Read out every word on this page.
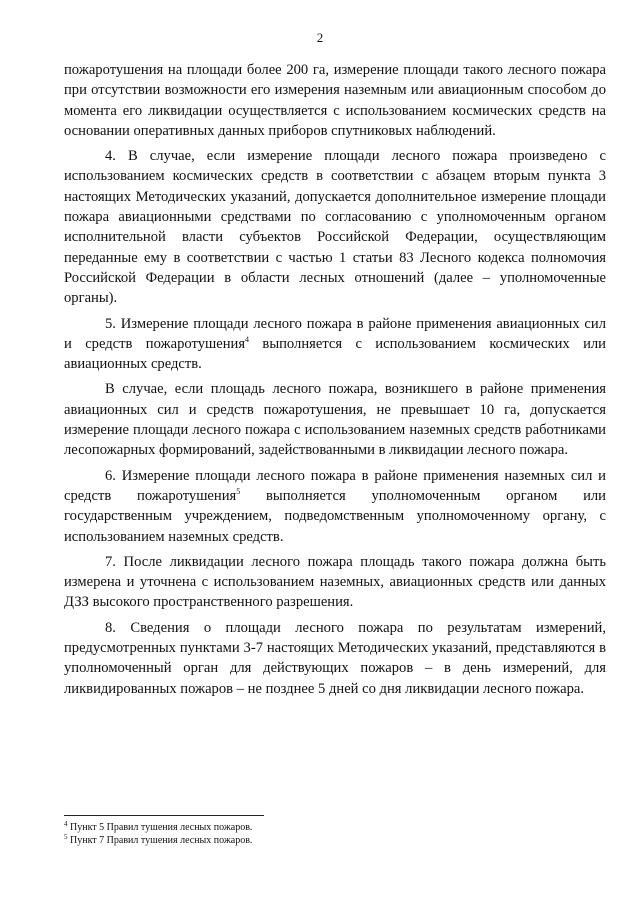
2

пожаротушения на площади более 200 га, измерение площади такого лесного пожара при отсутствии возможности его измерения наземным или авиационным способом до момента его ликвидации осуществляется с использованием космических средств на основании оперативных данных приборов спутниковых наблюдений.

4. В случае, если измерение площади лесного пожара произведено с использованием космических средств в соответствии с абзацем вторым пункта 3 настоящих Методических указаний, допускается дополнительное измерение площади пожара авиационными средствами по согласованию с уполномоченным органом исполнительной власти субъектов Российской Федерации, осуществляющим переданные ему в соответствии с частью 1 статьи 83 Лесного кодекса полномочия Российской Федерации в области лесных отношений (далее – уполномоченные органы).

5. Измерение площади лесного пожара в районе применения авиационных сил и средств пожаротушения$^4$ выполняется с использованием космических или авиационных средств.

В случае, если площадь лесного пожара, возникшего в районе применения авиационных сил и средств пожаротушения, не превышает 10 га, допускается измерение площади лесного пожара с использованием наземных средств работниками лесопожарных формирований, задействованными в ликвидации лесного пожара.

6. Измерение площади лесного пожара в районе применения наземных сил и средств пожаротушения$^5$ выполняется уполномоченным органом или государственным учреждением, подведомственным уполномоченному органу, с использованием наземных средств.

7. После ликвидации лесного пожара площадь такого пожара должна быть измерена и уточнена с использованием наземных, авиационных средств или данных ДЗЗ высокого пространственного разрешения.

8. Сведения о площади лесного пожара по результатам измерений, предусмотренных пунктами 3-7 настоящих Методических указаний, представляются в уполномоченный орган для действующих пожаров – в день измерений, для ликвидированных пожаров – не позднее 5 дней со дня ликвидации лесного пожара.

$^4$ Пункт 5 Правил тушения лесных пожаров.
$^5$ Пункт 7 Правил тушения лесных пожаров.
